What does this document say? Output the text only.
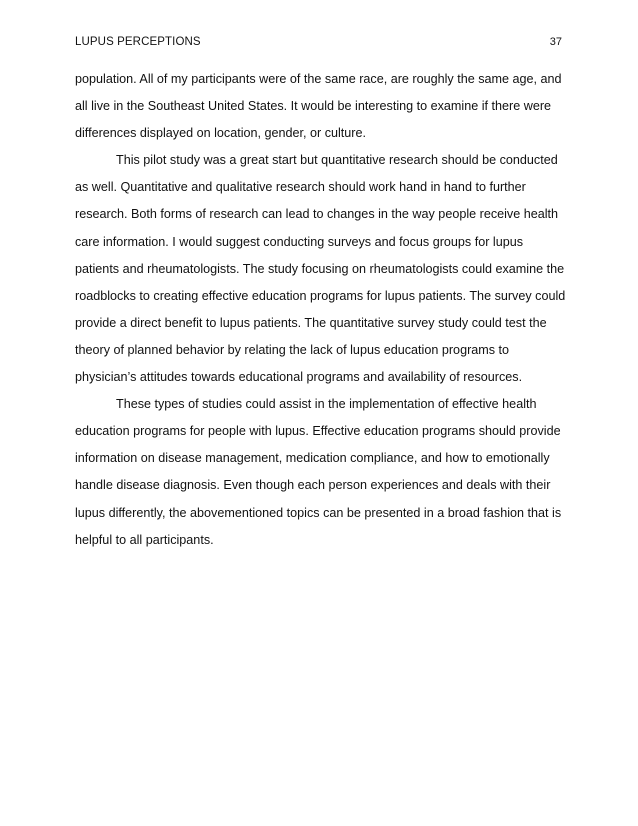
LUPUS PERCEPTIONS	37
population. All of my participants were of the same race, are roughly the same age, and
all live in the Southeast United States. It would be interesting to examine if there were
differences displayed on location, gender, or culture.
This pilot study was a great start but quantitative research should be conducted
as well. Quantitative and qualitative research should work hand in hand to further
research. Both forms of research can lead to changes in the way people receive health
care information. I would suggest conducting surveys and focus groups for lupus
patients and rheumatologists. The study focusing on rheumatologists could examine the
roadblocks to creating effective education programs for lupus patients. The survey could
provide a direct benefit to lupus patients. The quantitative survey study could test the
theory of planned behavior by relating the lack of lupus education programs to
physician’s attitudes towards educational programs and availability of resources.
These types of studies could assist in the implementation of effective health
education programs for people with lupus. Effective education programs should provide
information on disease management, medication compliance, and how to emotionally
handle disease diagnosis. Even though each person experiences and deals with their
lupus differently, the abovementioned topics can be presented in a broad fashion that is
helpful to all participants.
